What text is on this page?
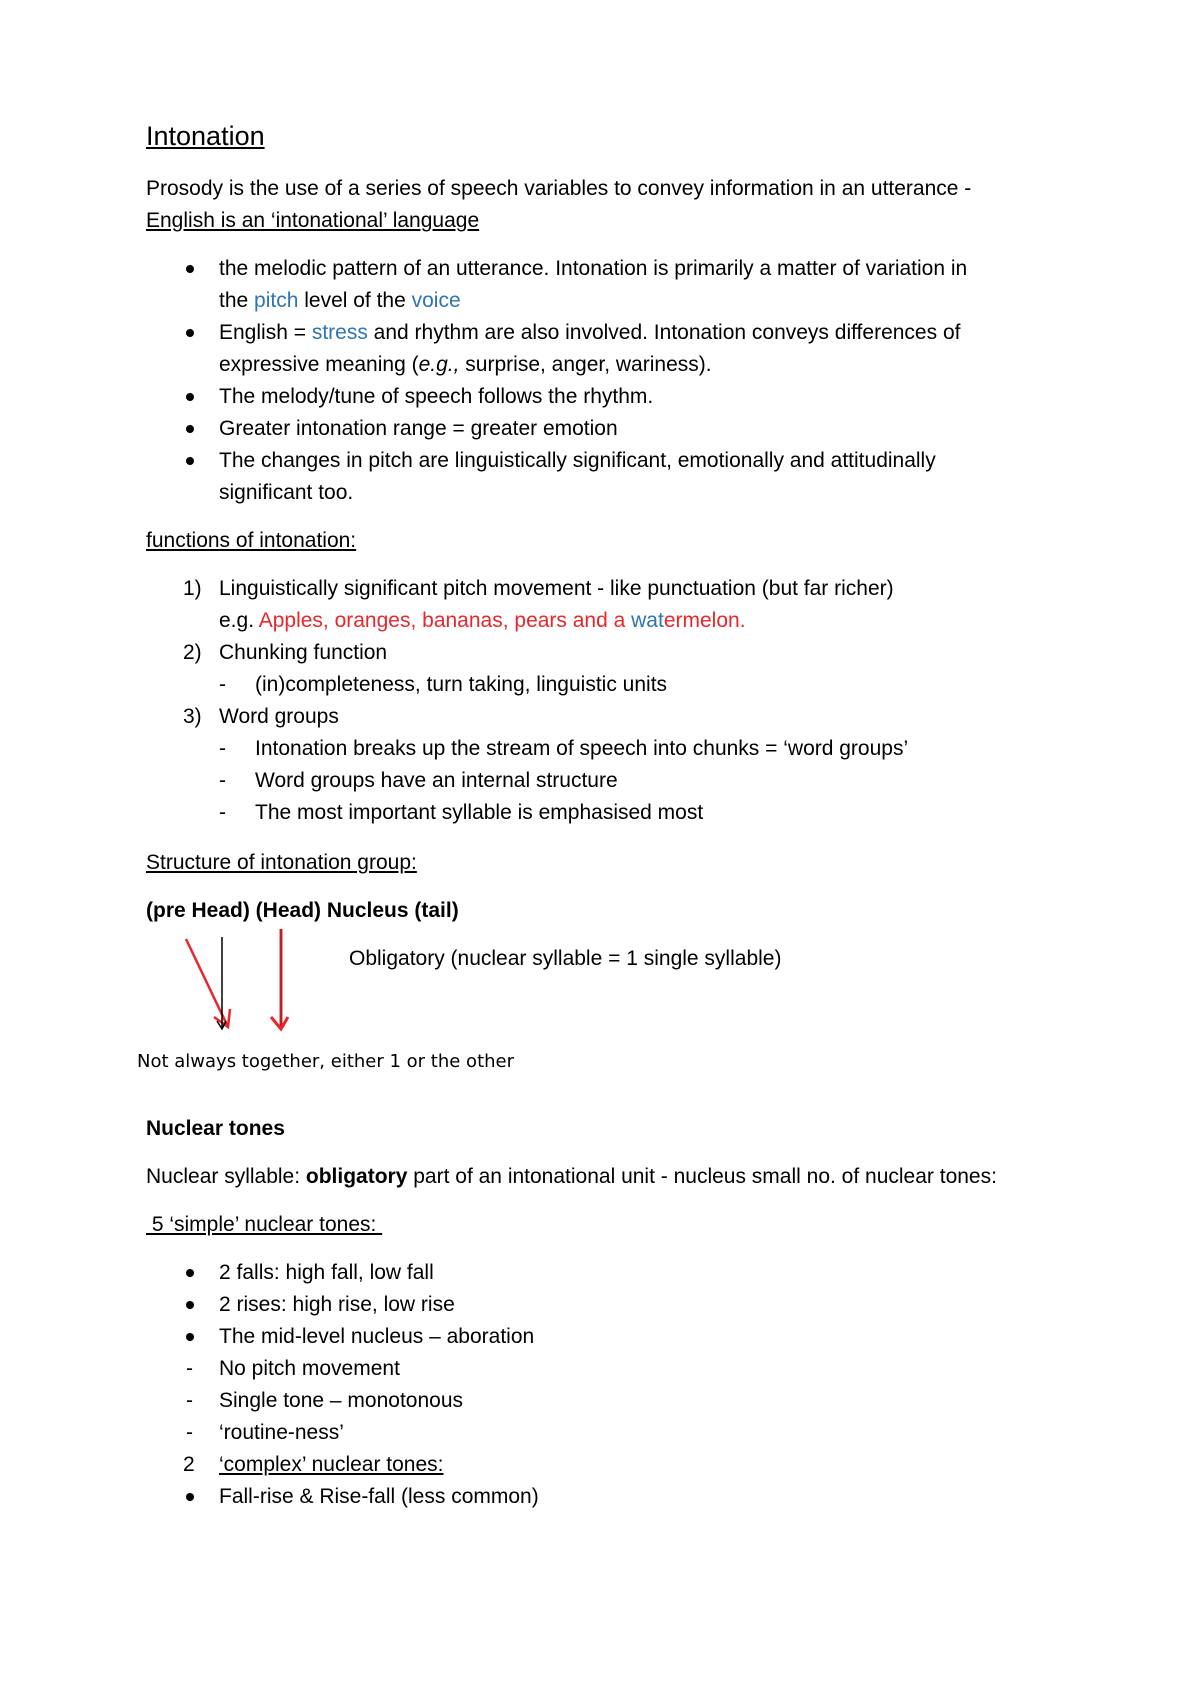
Intonation
Prosody is the use of a series of speech variables to convey information in an utterance -
English is an ‘intonational’ language
the melodic pattern of an utterance. Intonation is primarily a matter of variation in
the pitch level of the voice
English = stress and rhythm are also involved. Intonation conveys differences of
expressive meaning (e.g., surprise, anger, wariness).
The melody/tune of speech follows the rhythm.
Greater intonation range = greater emotion
The changes in pitch are linguistically significant, emotionally and attitudinally
significant too.
functions of intonation:
1) Linguistically significant pitch movement - like punctuation (but far richer)
e.g. Apples, oranges, bananas, pears and a watermelon.
2) Chunking function
- (in)completeness, turn taking, linguistic units
3) Word groups
- Intonation breaks up the stream of speech into chunks = ‘word groups’
- Word groups have an internal structure
- The most important syllable is emphasised most
Structure of intonation group:
(pre Head) (Head) Nucleus (tail)
Obligatory (nuclear syllable = 1 single syllable)
Not always together, either 1 or the other
Nuclear tones
Nuclear syllable: obligatory part of an intonational unit - nucleus small no. of nuclear tones:
5 ‘simple’ nuclear tones:
2 falls: high fall, low fall
2 rises: high rise, low rise
The mid-level nucleus – aboration
- No pitch movement
- Single tone – monotonous
- ‘routine-ness’
2 ‘complex’ nuclear tones:
Fall-rise & Rise-fall (less common)
